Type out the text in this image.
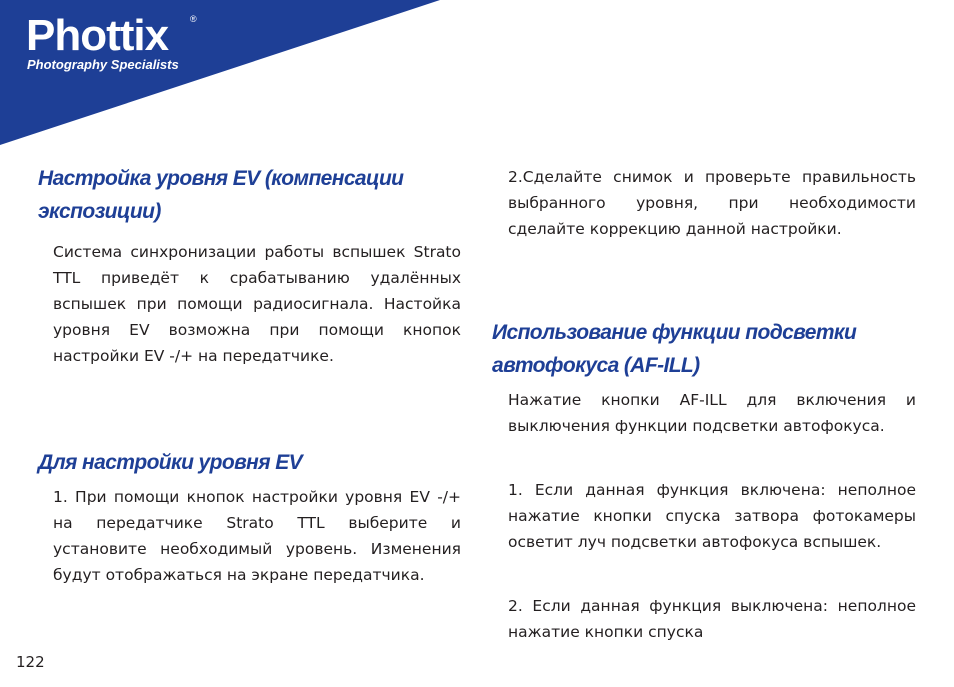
Phottix ®
Photography Specialists
Настройка уровня EV (компенсации экспозиции)

Система синхронизации работы вспышек Strato TTL приведёт к срабатыванию удалённых вспышек при помощи радиосигнала. Настойка уровня EV возможна при помощи кнопок настройки EV -/+ на передатчике.

Для настройки уровня EV

1. При помощи кнопок настройки уровня EV -/+ на передатчике Strato TTL выберите и установите необходимый уровень. Изменения будут отображаться на экране передатчика.

2.Сделайте снимок и проверьте правильность выбранного уровня, при необходимости сделайте коррекцию данной настройки.

Использование функции подсветки автофокуса (AF-ILL)

Нажатие кнопки AF-ILL для включения и выключения функции подсветки автофокуса.

1. Если данная функция включена: неполное нажатие кнопки спуска затвора фотокамеры осветит луч подсветки автофокуса вспышек.

2. Если данная функция выключена: неполное нажатие кнопки спуска

122
